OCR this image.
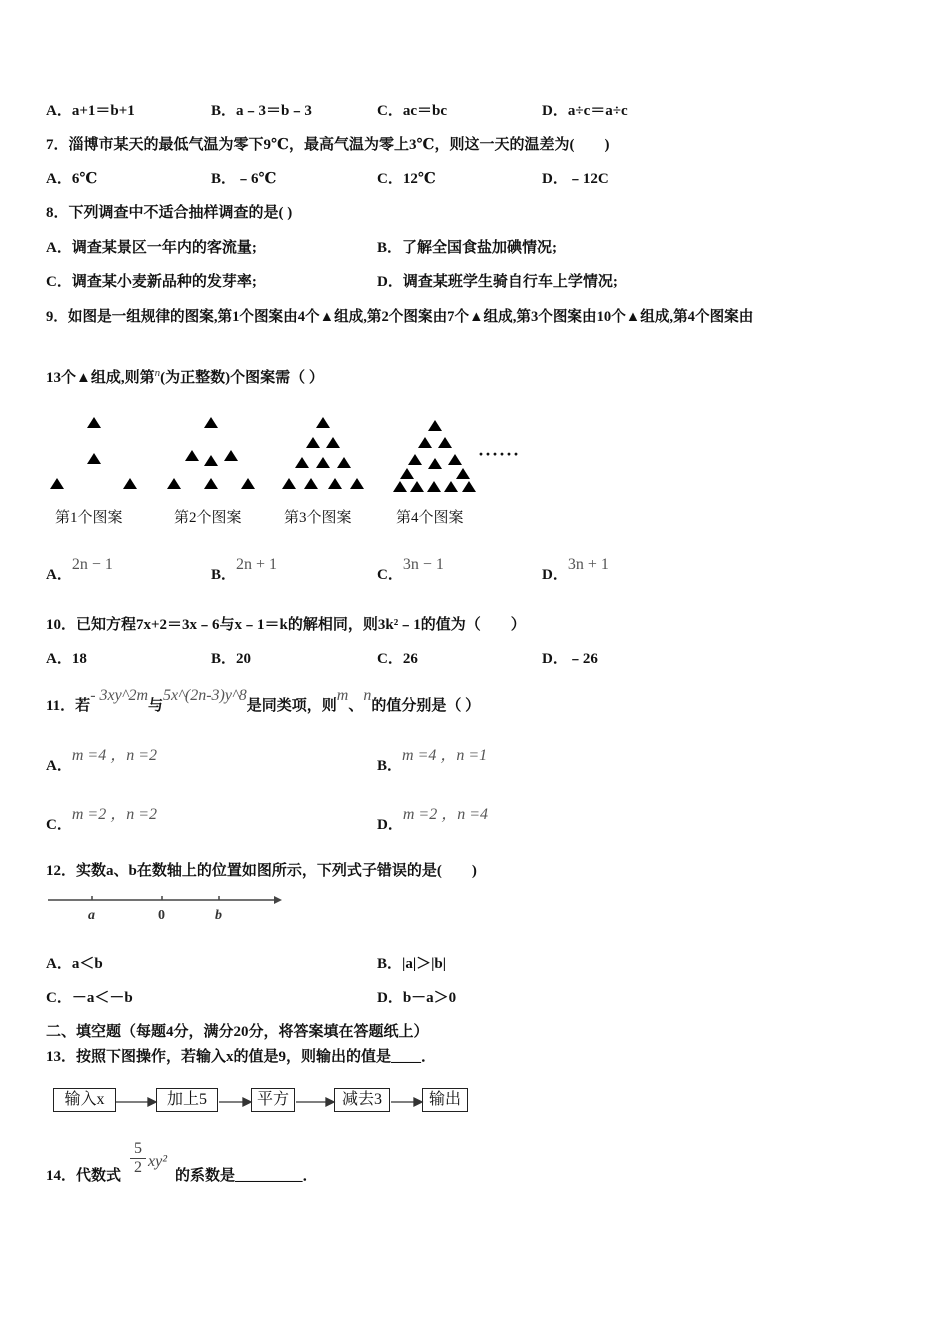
A．a+1＝b+1	B．a﹣3＝b﹣3	C．ac＝bc	D．a÷c＝a÷c
7．淄博市某天的最低气温为零下9℃，最高气温为零上3℃，则这一天的温差为(　　)
A．6℃	B．﹣6℃	C．12℃	D．﹣12C
8．下列调查中不适合抽样调查的是( )
A．调查某景区一年内的客流量;	B．了解全国食盐加碘情况;
C．调查某小麦新品种的发芽率;	D．调查某班学生骑自行车上学情况;
9．如图是一组规律的图案,第1个图案由4个▲组成,第2个图案由7个▲组成,第3个图案由10个▲组成,第4个图案由
13个▲组成,则第$^n$(为正整数)个图案需（ ）
······
第1个图案	第2个图案	第3个图案	第4个图案
A．2n − 1
B．2n + 1
C．3n − 1
D．3n + 1
10．已知方程7x+2＝3x﹣6与x﹣1＝k的解相同，则3k²﹣1的值为（　　）
A．18	B．20	C．26	D．﹣26
11．若- 3xy^2m与5x^(2n-3)y^8是同类项，则m、n的值分别是（ ）
A．m =4 ，n =2
B．m =4 ，n =1
C．m =2 ，n =2
D．m =2 ，n =4
12．实数a、b在数轴上的位置如图所示，下列式子错误的是(　　)
a	0	b
A．a＜b	B．|a|＞|b|
C．－a＜－b	D．b－a＞0
二、填空题（每题4分，满分20分，将答案填在答题纸上）
13．按照下图操作，若输入x的值是9，则输出的值是____．
输入x	加上5	平方	减去3	输出
14．代数式 $\frac{5}{2} xy^2$
的系数是_________．
